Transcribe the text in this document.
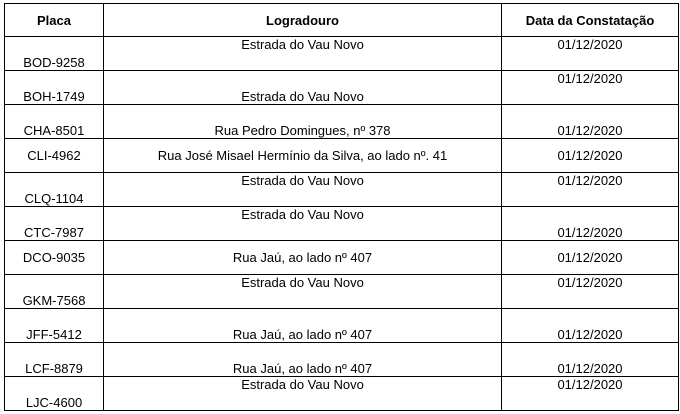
Placa	Logradouro	Data da Constatação
BOD-9258	Estrada do Vau Novo	01/12/2020
BOH-1749	Estrada do Vau Novo	01/12/2020
CHA-8501	Rua Pedro Domingues, nº 378	01/12/2020
CLI-4962	Rua José Misael Hermínio da Silva, ao lado nº. 41	01/12/2020
CLQ-1104	Estrada do Vau Novo	01/12/2020
CTC-7987	Estrada do Vau Novo	01/12/2020
DCO-9035	Rua Jaú, ao lado nº 407	01/12/2020
GKM-7568	Estrada do Vau Novo	01/12/2020
JFF-5412	Rua Jaú, ao lado nº 407	01/12/2020
LCF-8879	Rua Jaú, ao lado nº 407	01/12/2020
LJC-4600	Estrada do Vau Novo	01/12/2020
